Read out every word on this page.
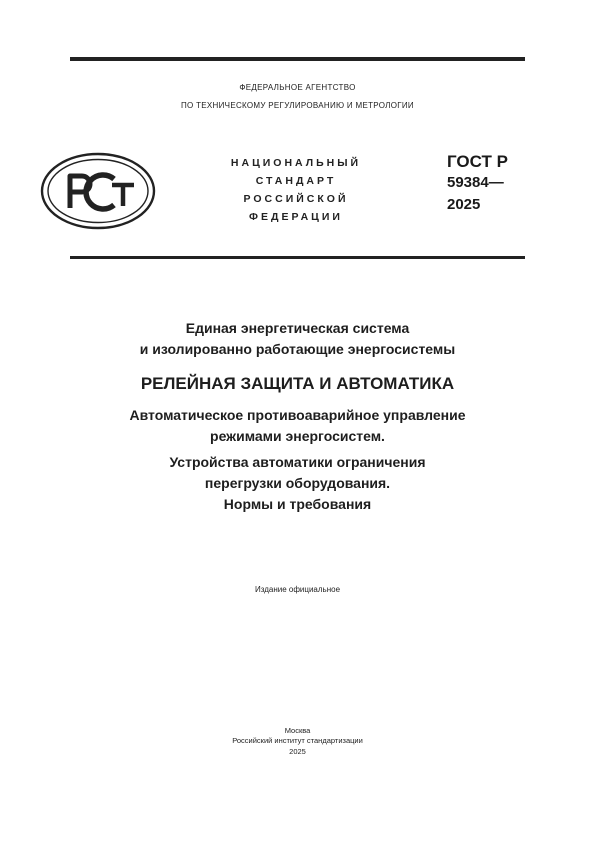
ФЕДЕРАЛЬНОЕ АГЕНТСТВО
ПО ТЕХНИЧЕСКОМУ РЕГУЛИРОВАНИЮ И МЕТРОЛОГИИ
НАЦИОНАЛЬНЫЙ
СТАНДАРТ
РОССИЙСКОЙ
ФЕДЕРАЦИИ
ГОСТ Р
59384—
2025
Единая энергетическая система
и изолированно работающие энергосистемы
РЕЛЕЙНАЯ ЗАЩИТА И АВТОМАТИКА
Автоматическое противоаварийное управление
режимами энергосистем.
Устройства автоматики ограничения
перегрузки оборудования.
Нормы и требования
Издание официальное
Москва
Российский институт стандартизации
2025
